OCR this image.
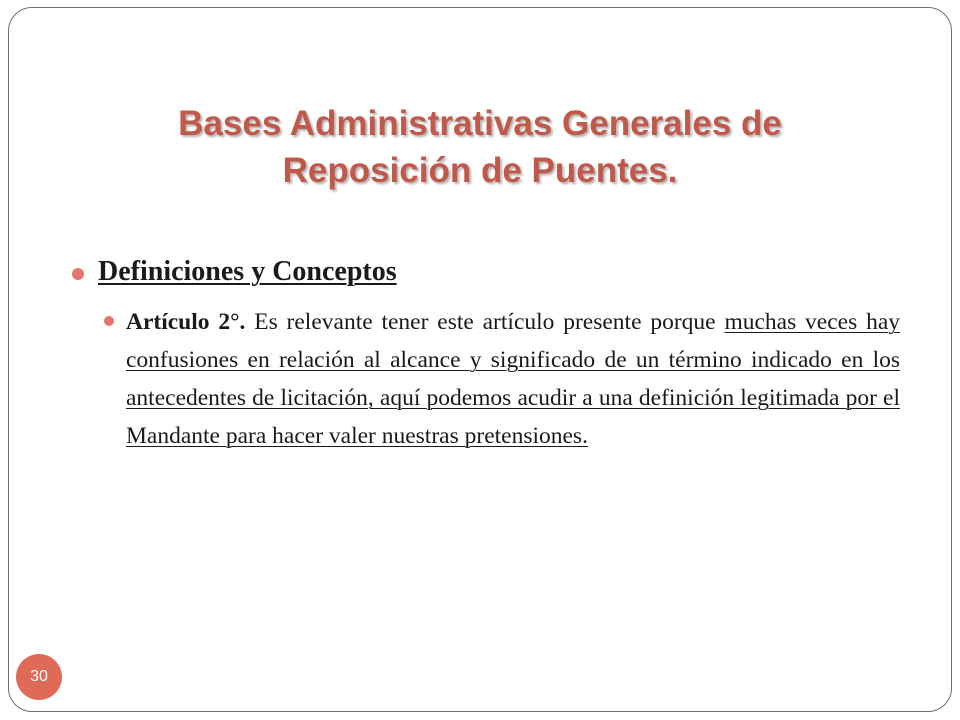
Bases Administrativas Generales de
Reposición de Puentes.
Definiciones y Conceptos
Artículo 2°. Es relevante tener este artículo presente porque muchas veces hay confusiones en relación al alcance y significado de un término indicado en los antecedentes de licitación, aquí podemos acudir a una definición legitimada por el Mandante para hacer valer nuestras pretensiones.
30
